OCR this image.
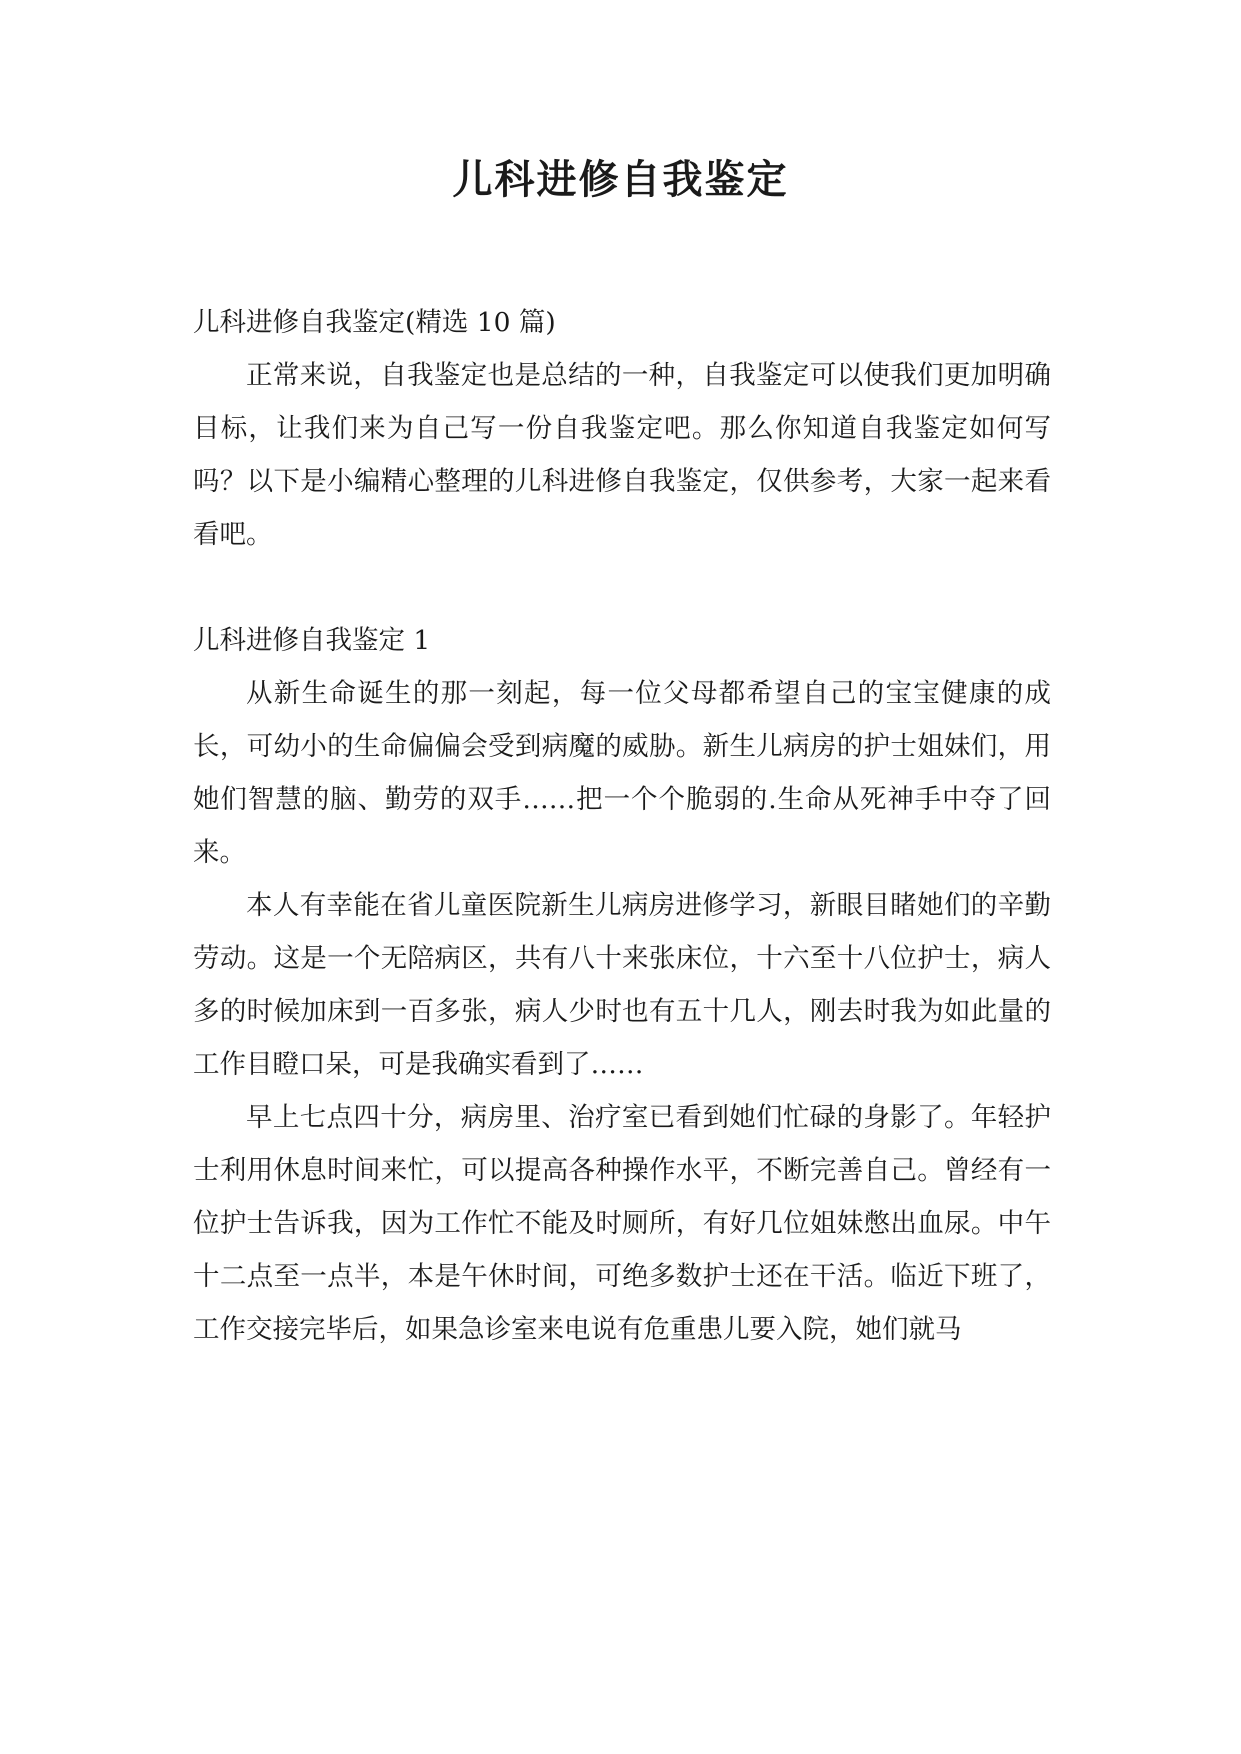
儿科进修自我鉴定

儿科进修自我鉴定(精选 10 篇)

正常来说，自我鉴定也是总结的一种，自我鉴定可以使我们更加明确目标，让我们来为自己写一份自我鉴定吧。那么你知道自我鉴定如何写吗？以下是小编精心整理的儿科进修自我鉴定，仅供参考，大家一起来看看吧。

儿科进修自我鉴定 1

从新生命诞生的那一刻起，每一位父母都希望自己的宝宝健康的成长，可幼小的生命偏偏会受到病魔的威胁。新生儿病房的护士姐妹们，用她们智慧的脑、勤劳的双手……把一个个脆弱的.生命从死神手中夺了回来。

本人有幸能在省儿童医院新生儿病房进修学习，新眼目睹她们的辛勤劳动。这是一个无陪病区，共有八十来张床位，十六至十八位护士，病人多的时候加床到一百多张，病人少时也有五十几人，刚去时我为如此量的工作目瞪口呆，可是我确实看到了……

早上七点四十分，病房里、治疗室已看到她们忙碌的身影了。年轻护士利用休息时间来忙，可以提高各种操作水平，不断完善自己。曾经有一位护士告诉我，因为工作忙不能及时厕所，有好几位姐妹憋出血尿。中午十二点至一点半，本是午休时间，可绝多数护士还在干活。临近下班了，工作交接完毕后，如果急诊室来电说有危重患儿要入院，她们就马
